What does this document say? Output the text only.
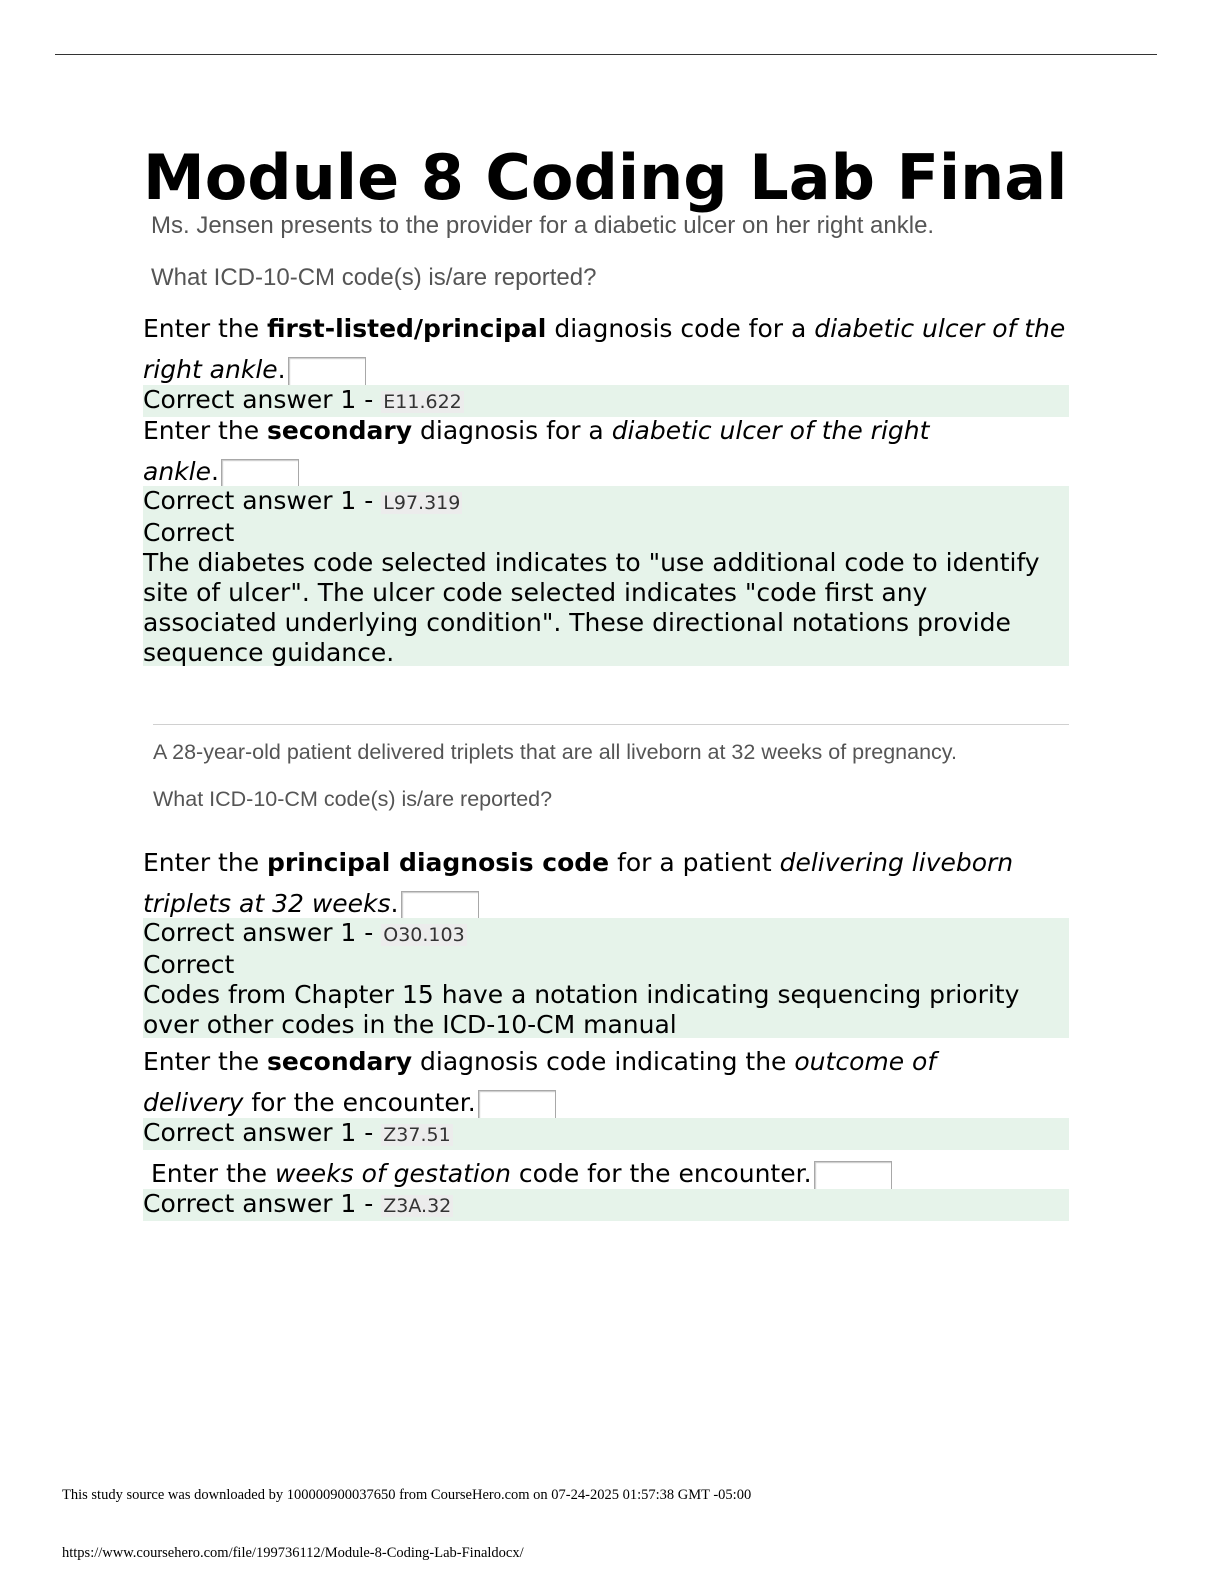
Module 8 Coding Lab Final

Ms. Jensen presents to the provider for a diabetic ulcer on her right ankle.

What ICD-10-CM code(s) is/are reported?

Enter the first-listed/principal diagnosis code for a diabetic ulcer of the right ankle.
Correct answer 1 - E11.622
Enter the secondary diagnosis for a diabetic ulcer of the right ankle.
Correct answer 1 - L97.319
Correct
The diabetes code selected indicates to "use additional code to identify site of ulcer". The ulcer code selected indicates "code first any associated underlying condition". These directional notations provide sequence guidance.

A 28-year-old patient delivered triplets that are all liveborn at 32 weeks of pregnancy.

What ICD-10-CM code(s) is/are reported?

Enter the principal diagnosis code for a patient delivering liveborn triplets at 32 weeks.
Correct answer 1 - O30.103
Correct
Codes from Chapter 15 have a notation indicating sequencing priority over other codes in the ICD-10-CM manual
Enter the secondary diagnosis code indicating the outcome of delivery for the encounter.
Correct answer 1 - Z37.51
Enter the weeks of gestation code for the encounter.
Correct answer 1 - Z3A.32
This study source was downloaded by 100000900037650 from CourseHero.com on 07-24-2025 01:57:38 GMT -05:00
https://www.coursehero.com/file/199736112/Module-8-Coding-Lab-Finaldocx/
